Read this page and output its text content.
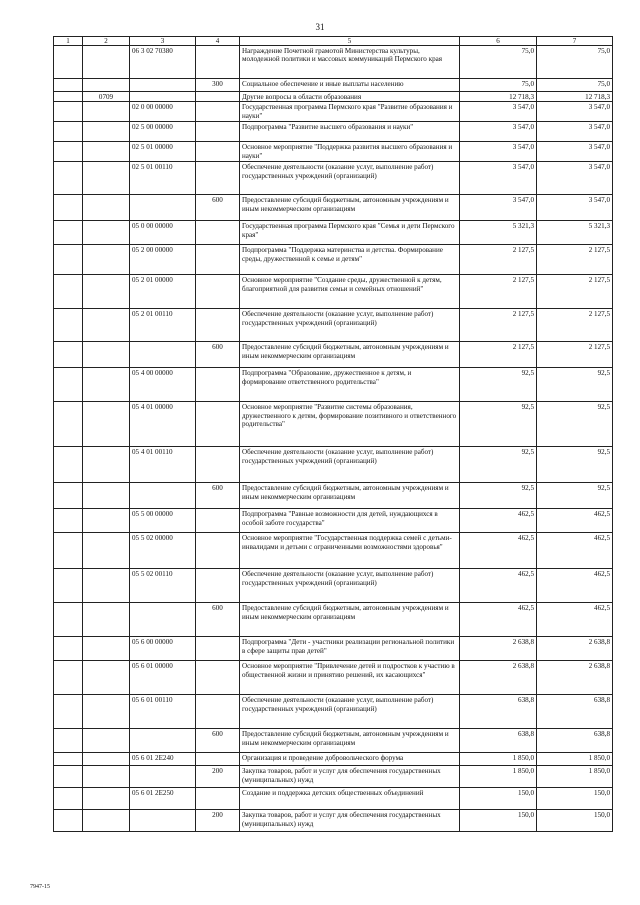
31
1	2	3	4	5	6	7
		06 3 02 70380		Награждение Почетной грамотой Министерства культуры, молодежной политики и массовых коммуникаций Пермского края	75,0	75,0
			300	Социальное обеспечение и иные выплаты населению	75,0	75,0
	0709			Другие вопросы в области образования	12 718,3	12 718,3
		02 0 00 00000		Государственная программа Пермского края "Развитие образования и науки"	3 547,0	3 547,0
		02 5 00 00000		Подпрограмма "Развитие высшего образования и науки"	3 547,0	3 547,0
		02 5 01 00000		Основное мероприятие "Поддержка развития высшего образования и науки"	3 547,0	3 547,0
		02 5 01 00110		Обеспечение деятельности (оказание услуг, выполнение работ) государственных учреждений (организаций)	3 547,0	3 547,0
			600	Предоставление субсидий бюджетным, автономным учреждениям и иным некоммерческим организациям	3 547,0	3 547,0
		05 0 00 00000		Государственная программа Пермского края "Семья и дети Пермского края"	5 321,3	5 321,3
		05 2 00 00000		Подпрограмма "Поддержка материнства и детства. Формирование среды, дружественной к семье и детям"	2 127,5	2 127,5
		05 2 01 00000		Основное мероприятие "Создание среды, дружественной к детям, благоприятной для развития семьи и семейных отношений"	2 127,5	2 127,5
		05 2 01 00110		Обеспечение деятельности (оказание услуг, выполнение работ) государственных учреждений (организаций)	2 127,5	2 127,5
			600	Предоставление субсидий бюджетным, автономным учреждениям и иным некоммерческим организациям	2 127,5	2 127,5
		05 4 00 00000		Подпрограмма "Образование, дружественное к детям, и формирование ответственного родительства"	92,5	92,5
		05 4 01 00000		Основное мероприятие "Развитие системы образования, дружественного к детям, формирование позитивного и ответственного родительства"	92,5	92,5
		05 4 01 00110		Обеспечение деятельности (оказание услуг, выполнение работ) государственных учреждений (организаций)	92,5	92,5
			600	Предоставление субсидий бюджетным, автономным учреждениям и иным некоммерческим организациям	92,5	92,5
		05 5 00 00000		Подпрограмма "Равные возможности для детей, нуждающихся в особой заботе государства"	462,5	462,5
		05 5 02 00000		Основное мероприятие "Государственная поддержка семей с детьми-инвалидами и детьми с ограниченными возможностями здоровья"	462,5	462,5
		05 5 02 00110		Обеспечение деятельности (оказание услуг, выполнение работ) государственных учреждений (организаций)	462,5	462,5
			600	Предоставление субсидий бюджетным, автономным учреждениям и иным некоммерческим организациям	462,5	462,5
		05 6 00 00000		Подпрограмма "Дети - участники реализации региональной политики в сфере защиты прав детей"	2 638,8	2 638,8
		05 6 01 00000		Основное мероприятие "Привлечение детей и подростков к участию в общественной жизни и принятию решений, их касающихся"	2 638,8	2 638,8
		05 6 01 00110		Обеспечение деятельности (оказание услуг, выполнение работ) государственных учреждений (организаций)	638,8	638,8
			600	Предоставление субсидий бюджетным, автономным учреждениям и иным некоммерческим организациям	638,8	638,8
		05 6 01 2Е240		Организация и проведение добровольческого форума	1 850,0	1 850,0
			200	Закупка товаров, работ и услуг для обеспечения государственных (муниципальных) нужд	1 850,0	1 850,0
		05 6 01 2Е250		Создание и поддержка детских общественных объединений	150,0	150,0
			200	Закупка товаров, работ и услуг для обеспечения государственных (муниципальных) нужд	150,0	150,0
7947-15
